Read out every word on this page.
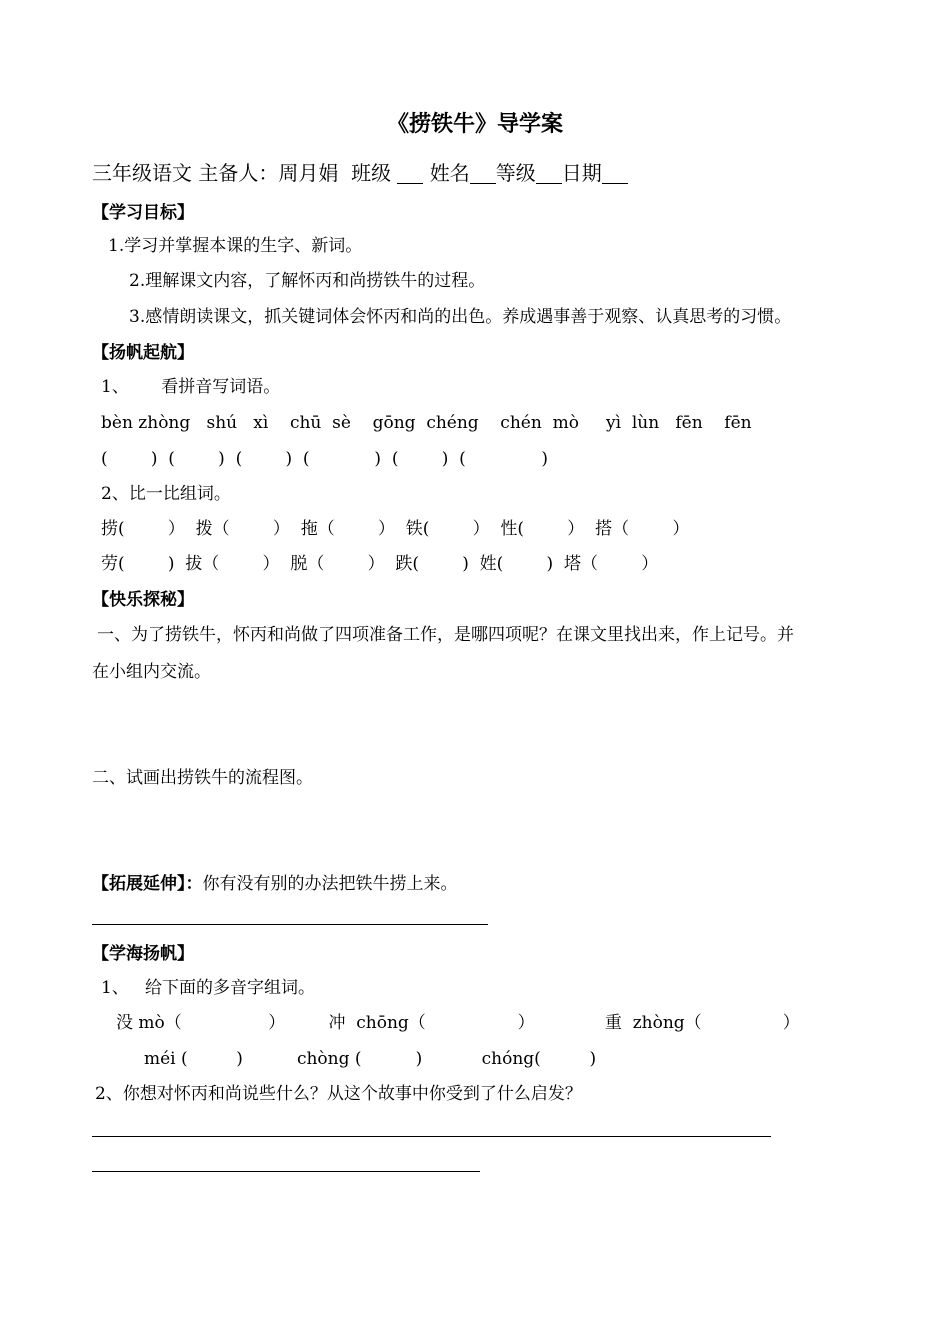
《捞铁牛》导学案
三年级语文 主备人：周月娟  班级 姓名 等级 日期
【学习目标】
1.学习并掌握本课的生字、新词。
2.理解课文内容，了解怀丙和尚捞铁牛的过程。
3.感情朗读课文，抓关键词体会怀丙和尚的出色。养成遇事善于观察、认真思考的习惯。
【扬帆起航】
1、      看拼音写词语。
bèn zhòng   shú   xì    chū  sè    gōng  chéng    chén  mò     yì  lùn   fēn    fēn
(        )  (        )  (        )  (            )  (        )  (              )
2、比一比组词。
捞(        ）  拨（        ）  拖（        ）  铁(        ）  性(        ）  搭（        ）
劳(        )  拔（        ）  脱（        ）  跌(        )  姓(        )  塔（        ）
【快乐探秘】
一、为了捞铁牛，怀丙和尚做了四项准备工作，是哪四项呢？在课文里找出来，作上记号。并
在小组内交流。
二、试画出捞铁牛的流程图。
【拓展延伸】：你有没有别的办法把铁牛捞上来。
【学海扬帆】
1、   给下面的多音字组词。
没 mò（                ）        冲  chōng（                 ）             重  zhòng（               ）
méi (         )          chòng (          )           chóng(         )
2、你想对怀丙和尚说些什么？从这个故事中你受到了什么启发？
